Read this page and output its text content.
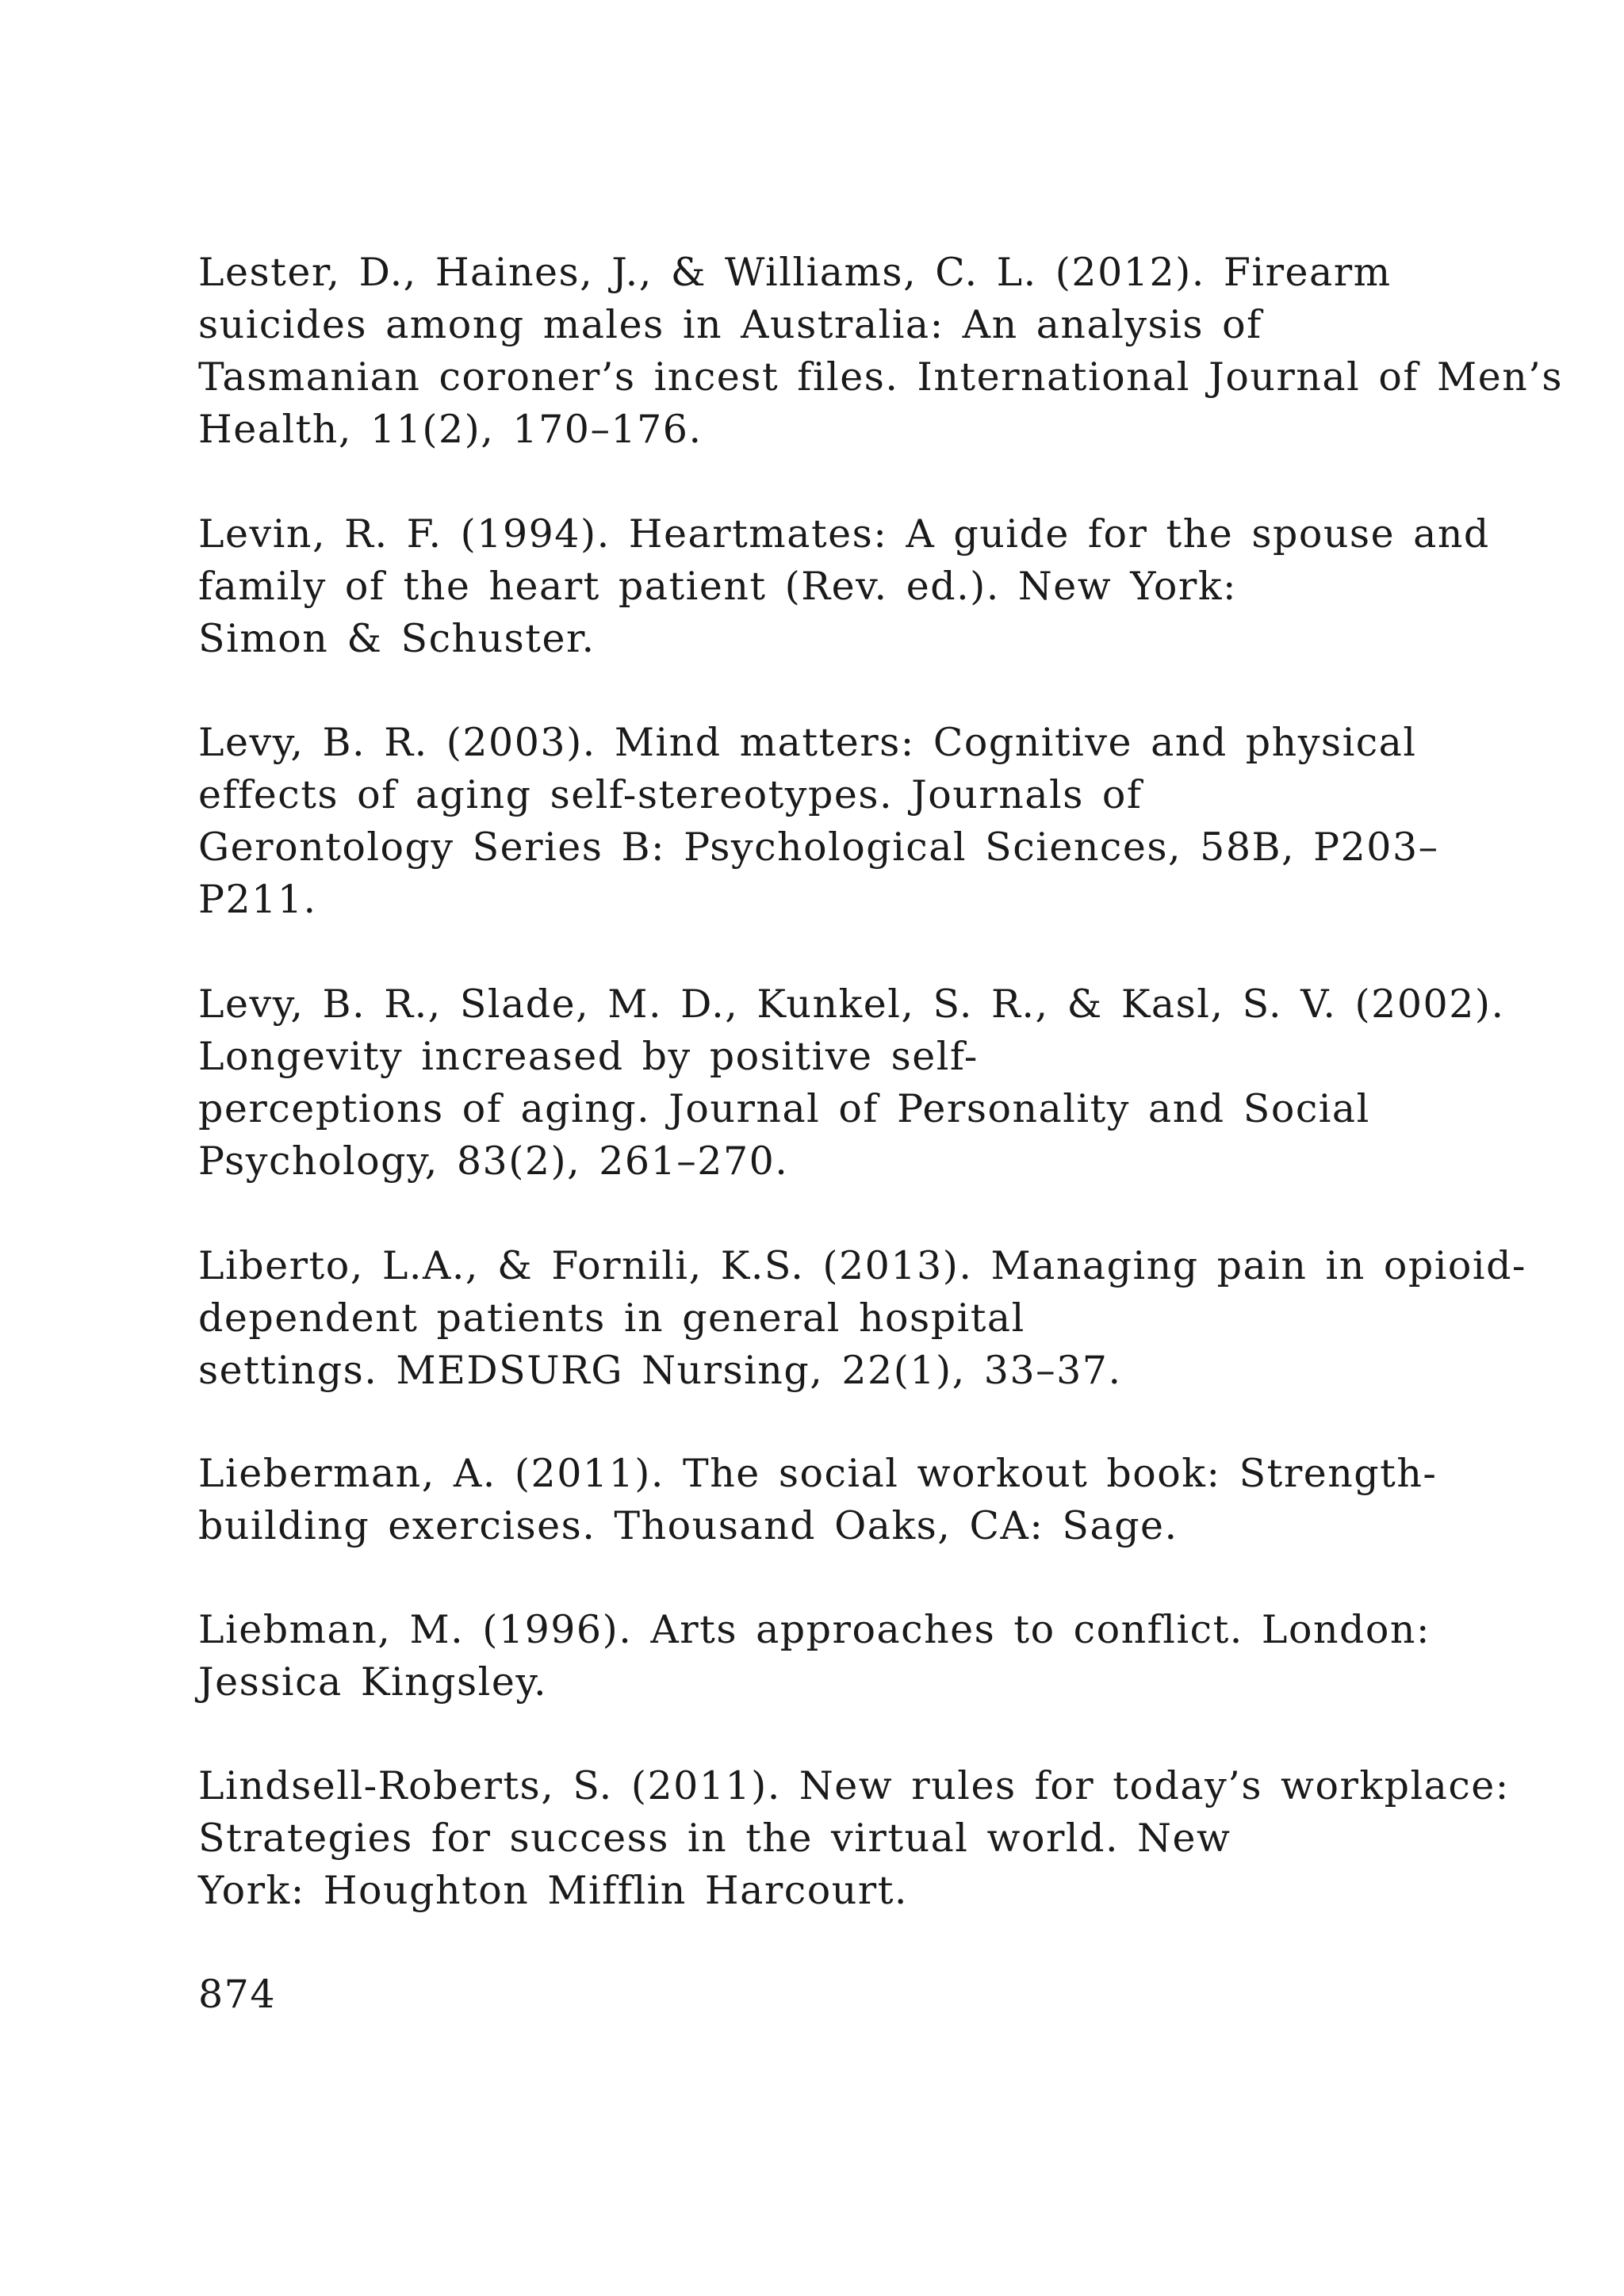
Lester, D., Haines, J., & Williams, C. L. (2012). Firearm
suicides among males in Australia: An analysis of
Tasmanian coroner’s incest files. International Journal of Men’s
Health, 11(2), 170–176.

Levin, R. F. (1994). Heartmates: A guide for the spouse and
family of the heart patient (Rev. ed.). New York:
Simon & Schuster.

Levy, B. R. (2003). Mind matters: Cognitive and physical
effects of aging self-stereotypes. Journals of
Gerontology Series B: Psychological Sciences, 58B, P203–
P211.

Levy, B. R., Slade, M. D., Kunkel, S. R., & Kasl, S. V. (2002).
Longevity increased by positive self-
perceptions of aging. Journal of Personality and Social
Psychology, 83(2), 261–270.

Liberto, L.A., & Fornili, K.S. (2013). Managing pain in opioid-
dependent patients in general hospital
settings. MEDSURG Nursing, 22(1), 33–37.

Lieberman, A. (2011). The social workout book: Strength-
building exercises. Thousand Oaks, CA: Sage.

Liebman, M. (1996). Arts approaches to conflict. London:
Jessica Kingsley.

Lindsell-Roberts, S. (2011). New rules for today’s workplace:
Strategies for success in the virtual world. New
York: Houghton Mifflin Harcourt.

874
